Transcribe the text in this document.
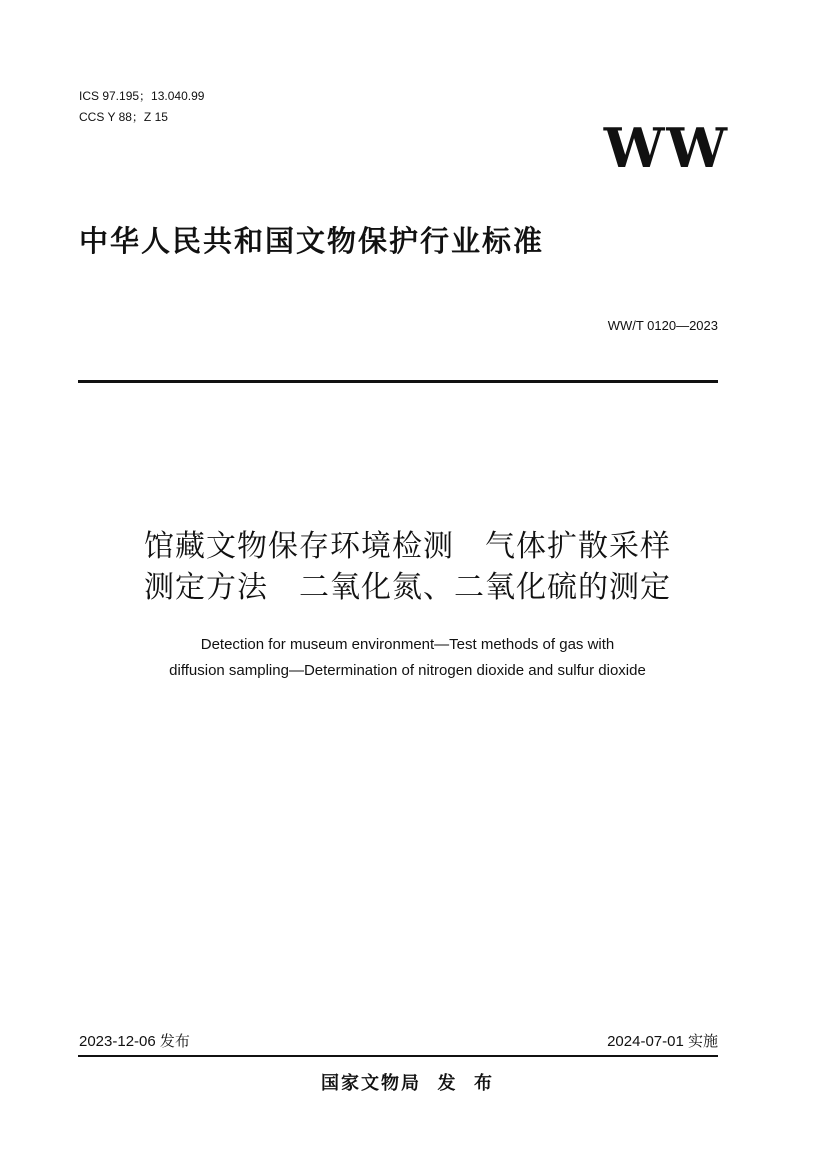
ICS 97.195；13.040.99
CCS Y 88；Z 15	WW
中华人民共和国文物保护行业标准
WW/T 0120—2023
馆藏文物保存环境检测　气体扩散采样
测定方法　二氧化氮、二氧化硫的测定
Detection for museum environment—Test methods of gas with
diffusion sampling—Determination of nitrogen dioxide and sulfur dioxide
2023-12-06 发布	2024-07-01 实施
国家文物局  发  布
